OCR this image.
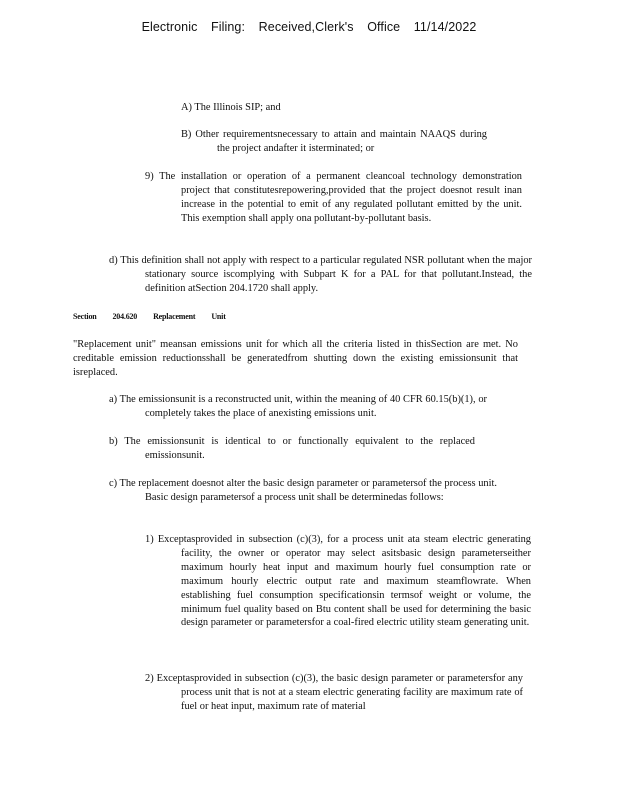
Electronic Filing: Received,Clerk's Office 11/14/2022

A) The Illinois SIP; and

B) Other requirementsnecessary to attain and maintain NAAQS during the project andafter it isterminated; or

9) The installation or operation of a permanent cleancoal technology demonstration project that constitutesrepowering,provided that the project doesnot result inan increase in the potential to emit of any regulated pollutant emitted by the unit. This exemption shall apply ona pollutant-by-pollutant basis.

d) This definition shall not apply with respect to a particular regulated NSR pollutant when the major stationary source iscomplying with Subpart K for a PAL for that pollutant.Instead, the definition atSection 204.1720 shall apply.

Section 204.620 Replacement Unit

"Replacement unit" meansan emissions unit for which all the criteria listed in thisSection are met. No creditable emission reductionsshall be generatedfrom shutting down the existing emissionsunit that isreplaced.

a) The emissionsunit is a reconstructed unit, within the meaning of 40 CFR 60.15(b)(1), or completely takes the place of anexisting emissions unit.

b) The emissionsunit is identical to or functionally equivalent to the replaced emissionsunit.

c) The replacement doesnot alter the basic design parameter or parametersof the process unit. Basic design parametersof a process unit shall be determinedas follows:

1) Exceptasprovided in subsection (c)(3), for a process unit ata steam electric generating facility, the owner or operator may select asitsbasic design parameterseither maximum hourly heat input and maximum hourly fuel consumption rate or maximum hourly electric output rate and maximum steamflowrate. When establishing fuel consumption specificationsin termsof weight or volume, the minimum fuel quality based on Btu content shall be used for determining the basic design parameter or parametersfor a coal-fired electric utility steam generating unit.

2) Exceptasprovided in subsection (c)(3), the basic design parameter or parametersfor any process unit that is not at a steam electric generating facility are maximum rate of fuel or heat input, maximum rate of material
